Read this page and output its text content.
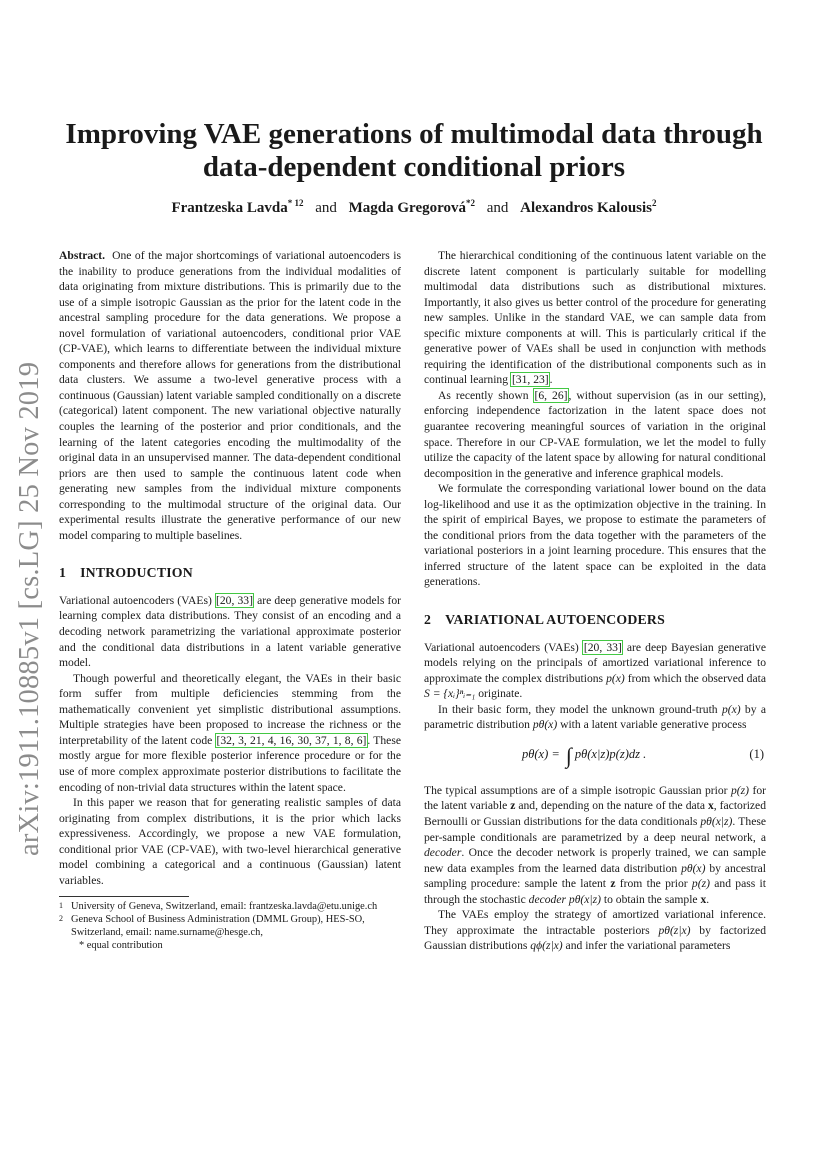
arXiv:1911.10885v1 [cs.LG] 25 Nov 2019
Improving VAE generations of multimodal data through
data-dependent conditional priors
Frantzeska Lavda$^{* 12}$ and Magda Gregorová$^{*2}$ and Alexandros Kalousis$^2$

Abstract. One of the major shortcomings of variational autoencoders is the inability to produce generations from the individual modalities of data originating from mixture distributions. This is primarily due to the use of a simple isotropic Gaussian as the prior for the latent code in the ancestral sampling procedure for the data generations. We propose a novel formulation of variational autoencoders, conditional prior VAE (CP-VAE), which learns to differentiate between the individual mixture components and therefore allows for generations from the distributional data clusters. We assume a two-level generative process with a continuous (Gaussian) latent variable sampled conditionally on a discrete (categorical) latent component. The new variational objective naturally couples the learning of the posterior and prior conditionals, and the learning of the latent categories encoding the multimodality of the original data in an unsupervised manner. The data-dependent conditional priors are then used to sample the continuous latent code when generating new samples from the individual mixture components corresponding to the multimodal structure of the original data. Our experimental results illustrate the generative performance of our new model comparing to multiple baselines.

1 INTRODUCTION

Variational autoencoders (VAEs) [20, 33] are deep generative models for learning complex data distributions. They consist of an encoding and a decoding network parametrizing the variational approximate posterior and the conditional data distributions in a latent variable generative model.

Though powerful and theoretically elegant, the VAEs in their basic form suffer from multiple deficiencies stemming from the mathematically convenient yet simplistic distributional assumptions. Multiple strategies have been proposed to increase the richness or the interpretability of the latent code [32, 3, 21, 4, 16, 30, 37, 1, 8, 6]. These mostly argue for more flexible posterior inference procedure or for the use of more complex approximate posterior distributions to facilitate the encoding of non-trivial data structures within the latent space.

In this paper we reason that for generating realistic samples of data originating from complex distributions, it is the prior which lacks expressiveness. Accordingly, we propose a new VAE formulation, conditional prior VAE (CP-VAE), with two-level hierarchical generative model combining a categorical and a continuous (Gaussian) latent variables.

1 University of Geneva, Switzerland, email: frantzeska.lavda@etu.unige.ch
2 Geneva School of Business Administration (DMML Group), HES-SO, Switzerland, email: name.surname@hesge.ch,
* equal contribution

The hierarchical conditioning of the continuous latent variable on the discrete latent component is particularly suitable for modelling multimodal data distributions such as distributional mixtures. Importantly, it also gives us better control of the procedure for generating new samples. Unlike in the standard VAE, we can sample data from specific mixture components at will. This is particularly critical if the generative power of VAEs shall be used in conjunction with methods requiring the identification of the distributional components such as in continual learning [31, 23].

As recently shown [6, 26], without supervision (as in our setting), enforcing independence factorization in the latent space does not guarantee recovering meaningful sources of variation in the original space. Therefore in our CP-VAE formulation, we let the model to fully utilize the capacity of the latent space by allowing for natural conditional decomposition in the generative and inference graphical models.

We formulate the corresponding variational lower bound on the data log-likelihood and use it as the optimization objective in the training. In the spirit of empirical Bayes, we propose to estimate the parameters of the conditional priors from the data together with the parameters of the variational posteriors in a joint learning procedure. This ensures that the inferred structure of the latent space can be exploited in the data generations.

2 VARIATIONAL AUTOENCODERS

Variational autoencoders (VAEs) [20, 33] are deep Bayesian generative models relying on the principals of amortized variational inference to approximate the complex distributions p(x) from which the observed data S = {xᵢ}ⁿᵢ₌₁ originate.

In their basic form, they model the unknown ground-truth p(x) by a parametric distribution pθ(x) with a latent variable generative process

pθ(x) = ∫ pθ(x|z)p(z)dz .	(1)

The typical assumptions are of a simple isotropic Gaussian prior p(z) for the latent variable z and, depending on the nature of the data x, factorized Bernoulli or Gussian distributions for the data conditionals pθ(x|z). These per-sample conditionals are parametrized by a deep neural network, a decoder. Once the decoder network is properly trained, we can sample new data examples from the learned data distribution pθ(x) by ancestral sampling procedure: sample the latent z from the prior p(z) and pass it through the stochastic decoder pθ(x|z) to obtain the sample x.

The VAEs employ the strategy of amortized variational inference. They approximate the intractable posteriors pθ(z|x) by factorized Gaussian distributions qϕ(z|x) and infer the variational parameters
